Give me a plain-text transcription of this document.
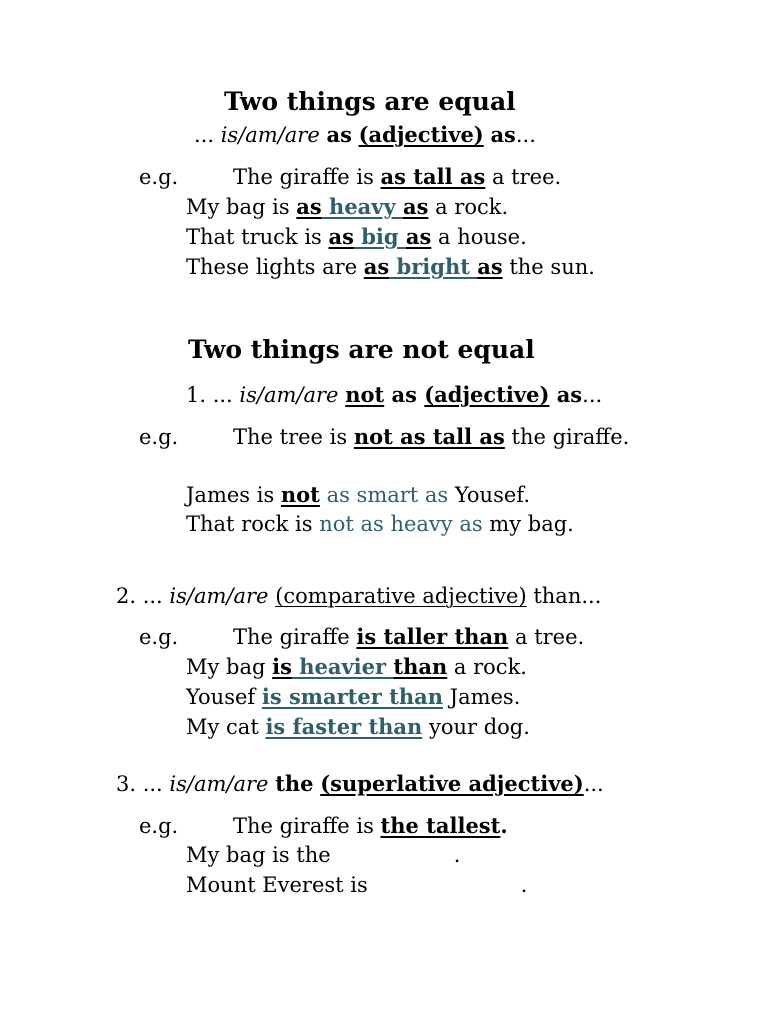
Two things are equal
... is/am/are as (adjective) as...
e.g.	The giraffe is as tall as a tree.
My bag is as heavy as a rock.
That truck is as big as a house.
These lights are as bright as the sun.
Two things are not equal
1. ... is/am/are not as (adjective) as...
e.g.	The tree is not as tall as the giraffe.
James is not as smart as Yousef.
That rock is not as heavy as my bag.
2. ... is/am/are (comparative adjective) than...
e.g.	The giraffe is taller than a tree.
My bag is heavier than a rock.
Yousef is smarter than James.
My cat is faster than your dog.
3. ... is/am/are the (superlative adjective)...
e.g.	The giraffe is the tallest.
My bag is the	.
Mount Everest is	.
